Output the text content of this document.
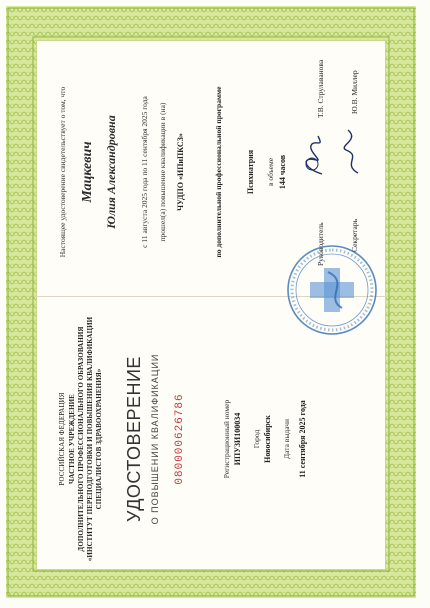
РОССИЙСКАЯ ФЕДЕРАЦИЯ ЧАСТНОЕ УЧРЕЖДЕНИЕ ДОПОЛНИТЕЛЬНОГО ПРОФЕССИОНАЛЬНОГО ОБРАЗОВАНИЯ «ИНСТИТУТ ПЕРЕПОДГОТОВКИ И ПОВЫШЕНИЯ КВАЛИФИКАЦИИ СПЕЦИАЛИСТОВ ЗДРАВООХРАНЕНИЯ» УДОСТОВЕРЕНИЕ О ПОВЫШЕНИИ КВАЛИФИКАЦИИ 080000626786	Регистрационный номер ИПУ3И100034 Город Новосибирск Дата выдачи 11 сентября 2025 года
Настоящее удостоверение свидетельствует о том, что Мацкевич Юлия Александровна	с 11 августа 2025 года по 11 сентября 2025 года прошел(а) повышение квалификации в (на) ЧУДПО «ИПиПКСЗ»	по дополнительной профессиональной программе	Психиатрия в объеме 144 часов
Руководитель
Т.В. Струлаванова
Секретарь
Ю.В. Миллер
